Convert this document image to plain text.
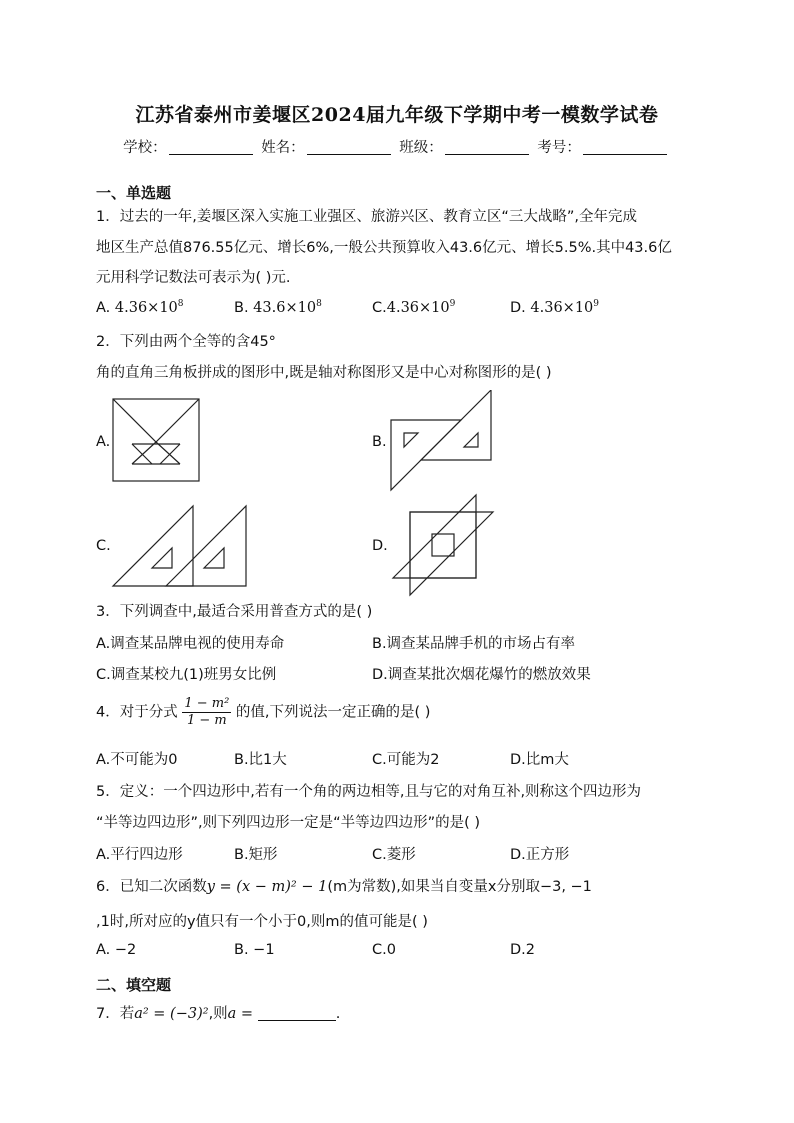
江苏省泰州市姜堰区2024届九年级下学期中考一模数学试卷
学校：	姓名：	班级：	考号：
一、单选题
1．过去的一年,姜堰区深入实施工业强区、旅游兴区、教育立区“三大战略”,全年完成
地区生产总值876.55亿元、增长6%,一般公共预算收入43.6亿元、增长5.5%.其中43.6亿
元用科学记数法可表示为( )元.
A. $4.36\times 10^8$	B. $43.6\times 10^8$	$C.4.36\times 10^9$	D. $4.36\times 10^9$
2．下列由两个全等的含45°
角的直角三角板拼成的图形中,既是轴对称图形又是中心对称图形的是( )
A.	B.
C.	D.
3．下列调查中,最适合采用普查方式的是( )
A.调查某品牌电视的使用寿命	B.调查某品牌手机的市场占有率
C.调查某校九(1)班男女比例	D.调查某批次烟花爆竹的燃放效果
4．对于分式 $\frac{\text{1 − m²}}{1 - m}$ 的值,下列说法一定正确的是( )
A.不可能为0	B.比1大	C.可能为2	D.比m大
5．定义：一个四边形中,若有一个角的两边相等,且与它的对角互补,则称这个四边形为
“半等边四边形”,则下列四边形一定是“半等边四边形”的是( )
A.平行四边形	B.矩形	C.菱形	D.正方形
6．已知二次函数y = (x − m)² − 1(m为常数),如果当自变量x分别取−3, −1
,1时,所对应的y值只有一个小于0,则m的值可能是( )
A. −2	B. −1	C.0	D.2
二、填空题
7．若a² = (−3)²,则a =	.
